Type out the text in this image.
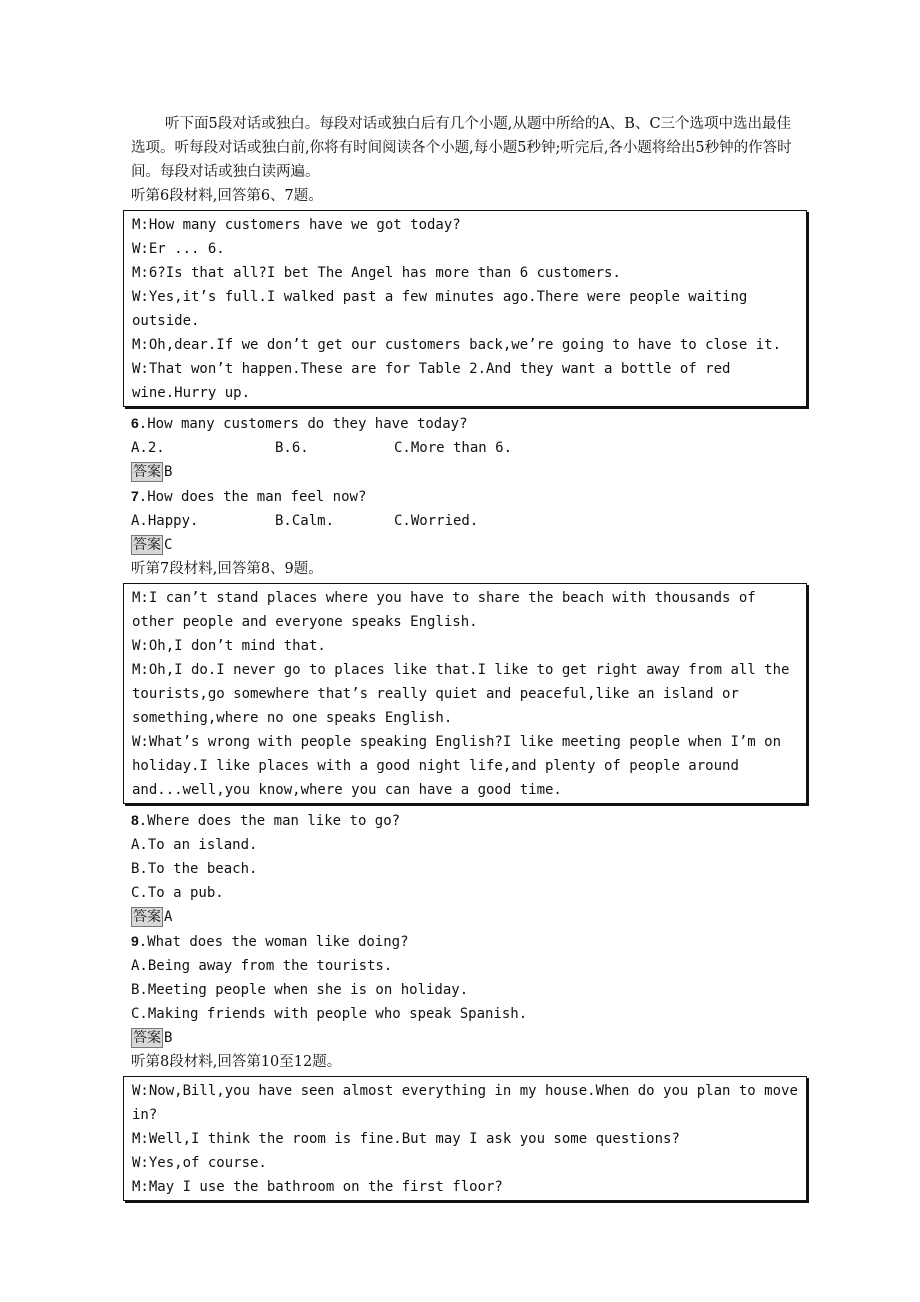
听下面5段对话或独白。每段对话或独白后有几个小题,从题中所给的A、B、C三个选项中选出最佳选项。听每段对话或独白前,你将有时间阅读各个小题,每小题5秒钟;听完后,各小题将给出5秒钟的作答时间。每段对话或独白读两遍。
听第6段材料,回答第6、7题。
M:How many customers have we got today?
W:Er ... 6.
M:6?Is that all?I bet The Angel has more than 6 customers.
W:Yes,it’s full.I walked past a few minutes ago.There were people waiting outside.
M:Oh,dear.If we don’t get our customers back,we’re going to have to close it.
W:That won’t happen.These are for Table 2.And they want a bottle of red wine.Hurry up.
6.How many customers do they have today?
A.2.	B.6.	C.More than 6.
答案 B
7.How does the man feel now?
A.Happy.	B.Calm.	C.Worried.
答案 C
听第7段材料,回答第8、9题。
M:I can’t stand places where you have to share the beach with thousands of other people and everyone speaks English.
W:Oh,I don’t mind that.
M:Oh,I do.I never go to places like that.I like to get right away from all the tourists,go somewhere that’s really quiet and peaceful,like an island or something,where no one speaks English.
W:What’s wrong with people speaking English?I like meeting people when I’m on holiday.I like places with a good night life,and plenty of people around and...well,you know,where you can have a good time.
8.Where does the man like to go?
A.To an island.
B.To the beach.
C.To a pub.
答案 A
9.What does the woman like doing?
A.Being away from the tourists.
B.Meeting people when she is on holiday.
C.Making friends with people who speak Spanish.
答案 B
听第8段材料,回答第10至12题。
W:Now,Bill,you have seen almost everything in my house.When do you plan to move in?
M:Well,I think the room is fine.But may I ask you some questions?
W:Yes,of course.
M:May I use the bathroom on the first floor?
